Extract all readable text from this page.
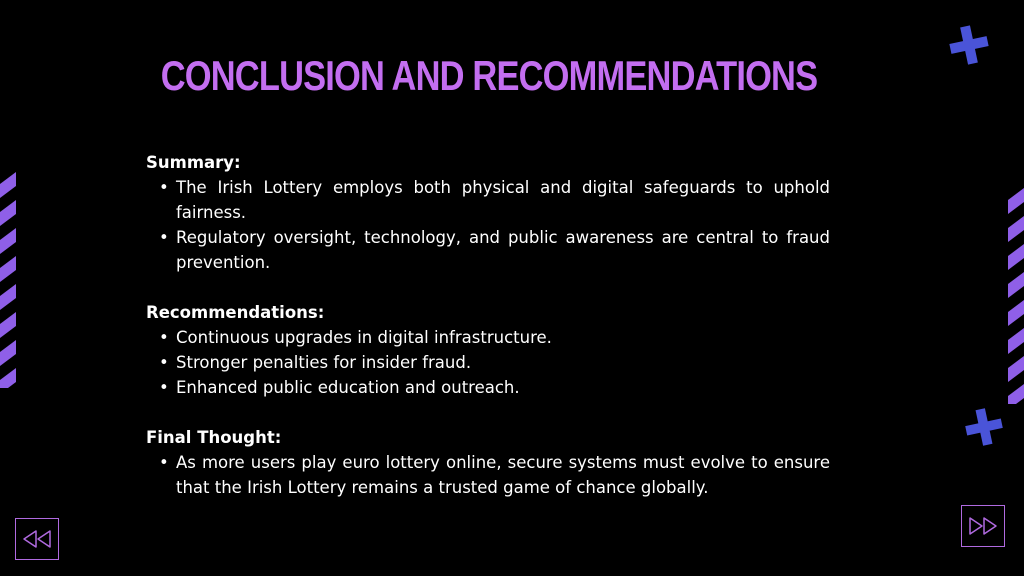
CONCLUSION AND RECOMMENDATIONS

Summary:

• The Irish Lottery employs both physical and digital safeguards to uphold fairness.
• Regulatory oversight, technology, and public awareness are central to fraud prevention.

Recommendations:

• Continuous upgrades in digital infrastructure.
• Stronger penalties for insider fraud.
• Enhanced public education and outreach.

Final Thought:

• As more users play euro lottery online, secure systems must evolve to ensure that the Irish Lottery remains a trusted game of chance globally.
